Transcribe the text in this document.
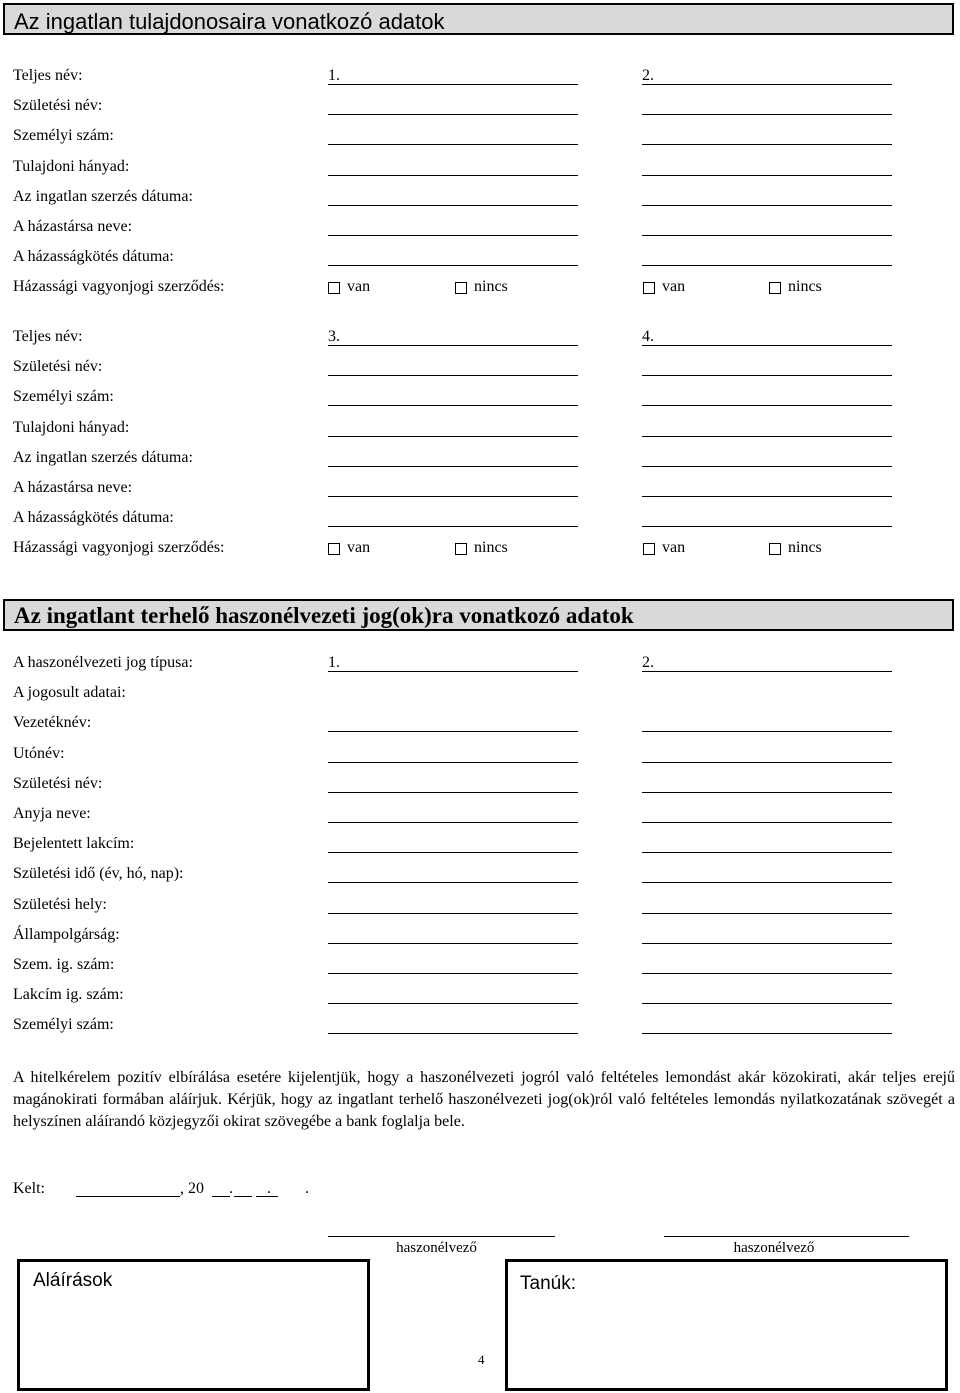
Az ingatlan tulajdonosaira vonatkozó adatok
Teljes név:	1.	2.
Születési név:
Személyi szám:
Tulajdoni hányad:
Az ingatlan szerzés dátuma:
A házastársa neve:
A házasságkötés dátuma:
Házassági vagyonjogi szerződés:	van	nincs	van	nincs
Teljes név:	3.	4.
Születési név:
Személyi szám:
Tulajdoni hányad:
Az ingatlan szerzés dátuma:
A házastársa neve:
A házasságkötés dátuma:
Házassági vagyonjogi szerződés:	van	nincs	van	nincs
Az ingatlant terhelő haszonélvezeti jog(ok)ra vonatkozó adatok
A haszonélvezeti jog típusa:	1.	2.
A jogosult adatai:
Vezetéknév:
Utónév:
Születési név:
Anyja neve:
Bejelentett lakcím:
Születési idő (év, hó, nap):
Születési hely:
Állampolgárság:
Szem. ig. szám:
Lakcím ig. szám:
Személyi szám:
A hitelkérelem pozitív elbírálása esetére kijelentjük, hogy a haszonélvezeti jogról való feltételes lemondást akár közokirati, akár teljes erejű magánokirati formában aláírjuk. Kérjük, hogy az ingatlant terhelő haszonélvezeti jog(ok)ról való feltételes lemondás nyilatkozatának szövegét a helyszínen aláírandó közjegyzői okirat szövegébe a bank foglalja bele.
Kelt:	, 20 . . .
haszonélvező	haszonélvező
Aláírások	Tanúk:
4
